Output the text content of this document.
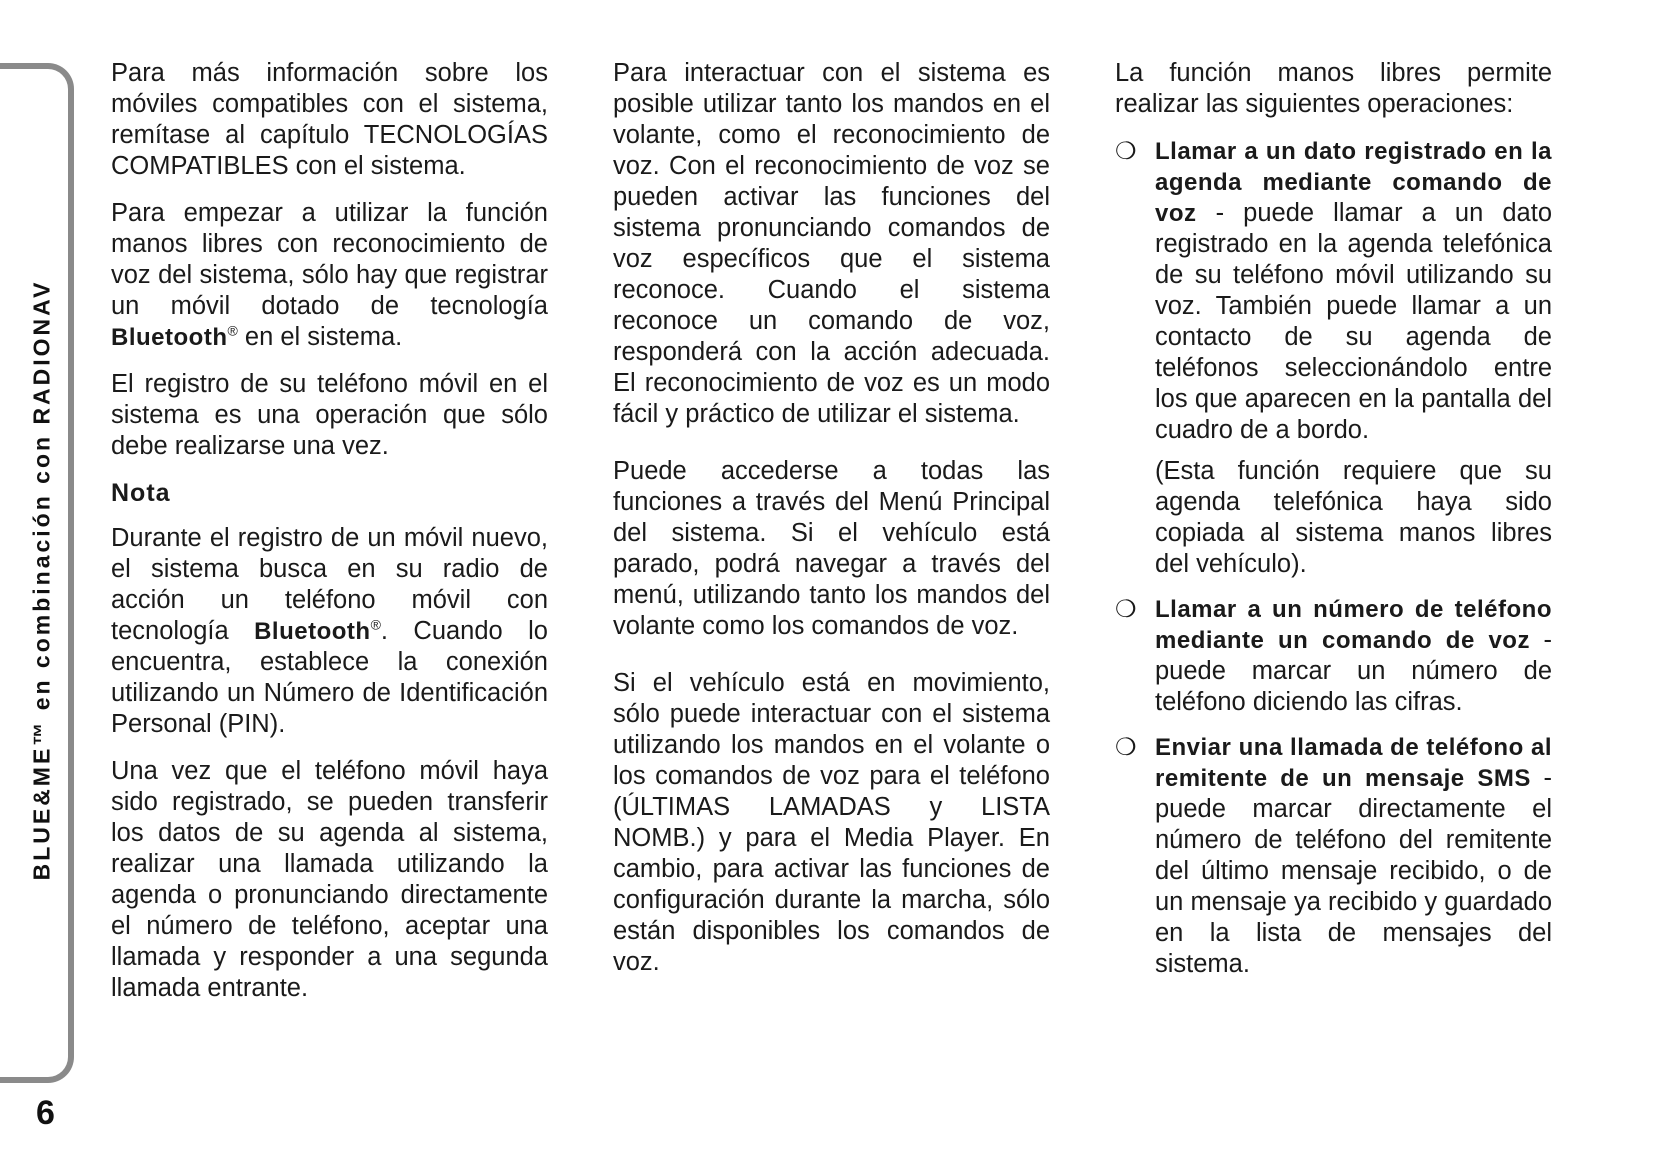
BLUE&ME™ en combinación con RADIONAV
6

Para más información sobre los móviles compatibles con el sistema, remítase al capítulo TECNOLOGÍAS COMPATIBLES con el sistema.

Para empezar a utilizar la función manos libres con reconocimiento de voz del sistema, sólo hay que registrar un móvil dotado de tecnología Bluetooth® en el sistema.

El registro de su teléfono móvil en el sistema es una operación que sólo debe realizarse una vez.

Nota

Durante el registro de un móvil nuevo, el sistema busca en su radio de acción un teléfono móvil con tecnología Bluetooth®. Cuando lo encuentra, establece la conexión utilizando un Número de Identificación Personal (PIN).

Una vez que el teléfono móvil haya sido registrado, se pueden transferir los datos de su agenda al sistema, realizar una llamada utilizando la agenda o pronunciando directamente el número de teléfono, aceptar una llamada y responder a una segunda llamada entrante.

Para interactuar con el sistema es posible utilizar tanto los mandos en el volante, como el reconocimiento de voz. Con el reconocimiento de voz se pueden activar las funciones del sistema pronunciando comandos de voz específicos que el sistema reconoce. Cuando el sistema reconoce un comando de voz, responderá con la acción adecuada. El reconocimiento de voz es un modo fácil y práctico de utilizar el sistema.

Puede accederse a todas las funciones a través del Menú Principal del sistema. Si el vehículo está parado, podrá navegar a través del menú, utilizando tanto los mandos del volante como los comandos de voz.

Si el vehículo está en movimiento, sólo puede interactuar con el sistema utilizando los mandos en el volante o los comandos de voz para el teléfono (ÚLTIMAS LAMADAS y LISTA NOMB.) y para el Media Player. En cambio, para activar las funciones de configuración durante la marcha, sólo están disponibles los comandos de voz.

La función manos libres permite realizar las siguientes operaciones:

❍ Llamar a un dato registrado en la agenda mediante comando de voz - puede llamar a un dato registrado en la agenda telefónica de su teléfono móvil utilizando su voz. También puede llamar a un contacto de su agenda de teléfonos seleccionándolo entre los que aparecen en la pantalla del cuadro de a bordo.
(Esta función requiere que su agenda telefónica haya sido copiada al sistema manos libres del vehículo).
❍ Llamar a un número de teléfono mediante un comando de voz - puede marcar un número de teléfono diciendo las cifras.
❍ Enviar una llamada de teléfono al remitente de un mensaje SMS - puede marcar directamente el número de teléfono del remitente del último mensaje recibido, o de un mensaje ya recibido y guardado en la lista de mensajes del sistema.
